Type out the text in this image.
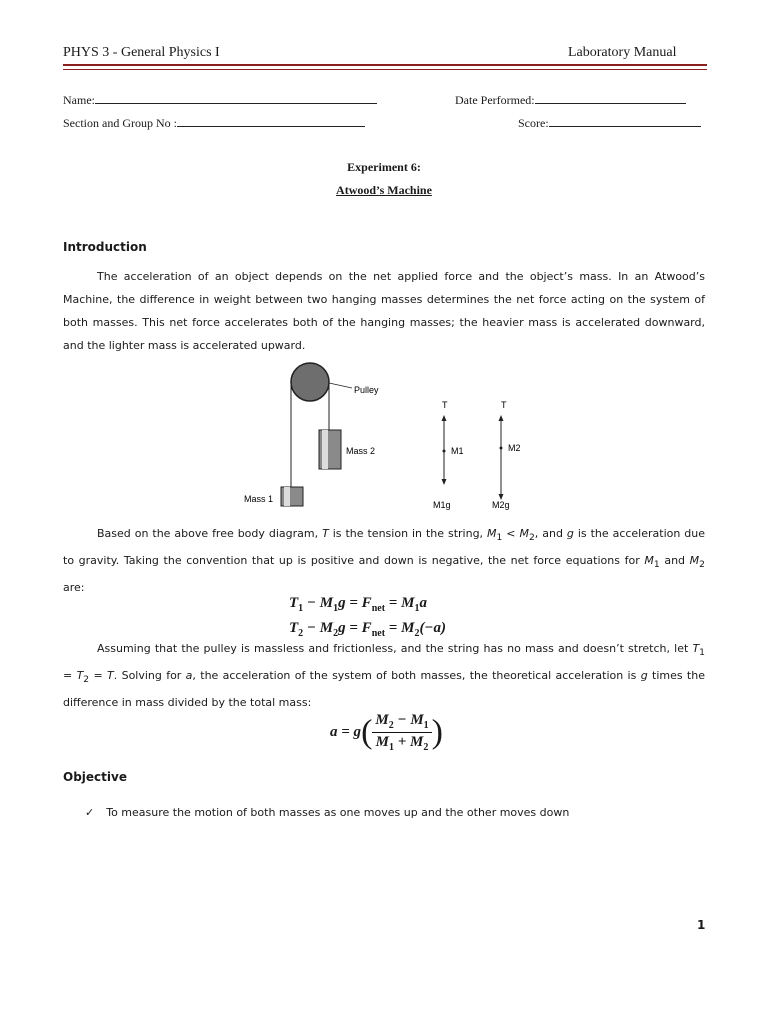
PHYS 3 - General Physics I	Laboratory Manual
Name:	Date Performed:
Section and Group No :	Score:
Experiment 6:
Atwood’s Machine
Introduction
The acceleration of an object depends on the net applied force and the object’s mass. In an Atwood’s Machine, the difference in weight between two hanging masses determines the net force acting on the system of both masses. This net force accelerates both of the hanging masses; the heavier mass is accelerated downward, and the lighter mass is accelerated upward.
Pulley
Mass 2
Mass 1
T
M1
M1g
T
M2
M2g
Based on the above free body diagram, T is the tension in the string, $M_1 < M_2$, and g is the acceleration due to gravity. Taking the convention that up is positive and down is negative, the net force equations for $M_1$ and $M_2$ are:
$T_1 - M_1g = F_{net} = M_1a$
$T_2 - M_2g = F_{net} = M_2(-a)$
Assuming that the pulley is massless and frictionless, and the string has no mass and doesn’t stretch, let $T_1 = T_2 = T$. Solving for a, the acceleration of the system of both masses, the theoretical acceleration is g times the difference in mass divided by the total mass:
$a = g( \frac{M_2 - M_1}{M_1 + M_2}$ )
Objective
✓ To measure the motion of both masses as one moves up and the other moves down
1
